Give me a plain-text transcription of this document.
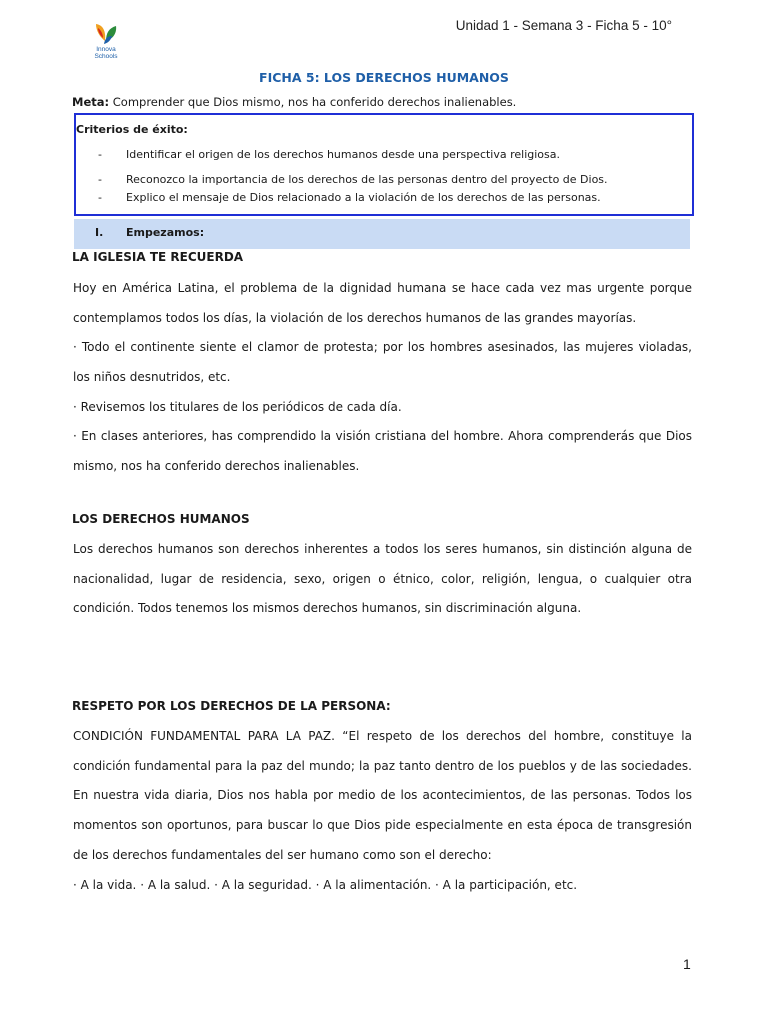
Unidad 1 - Semana 3 - Ficha 5 - 10°
Innova
Schools
FICHA 5: LOS DERECHOS HUMANOS
Meta: Comprender que Dios mismo, nos ha conferido derechos inalienables.
Criterios de éxito:
- Identificar el origen de los derechos humanos desde una perspectiva religiosa.
- Reconozco la importancia de los derechos de las personas dentro del proyecto de Dios.
- Explico el mensaje de Dios relacionado a la violación de los derechos de las personas.
I. Empezamos:
LA IGLESIA TE RECUERDA
Hoy en América Latina, el problema de la dignidad humana se hace cada vez mas urgente porque contemplamos todos los días, la violación de los derechos humanos de las grandes mayorías.
· Todo el continente siente el clamor de protesta; por los hombres asesinados, las mujeres violadas, los niños desnutridos, etc.
· Revisemos los titulares de los periódicos de cada día.
· En clases anteriores, has comprendido la visión cristiana del hombre. Ahora comprenderás que Dios mismo, nos ha conferido derechos inalienables.
LOS DERECHOS HUMANOS
Los derechos humanos son derechos inherentes a todos los seres humanos, sin distinción alguna de nacionalidad, lugar de residencia, sexo, origen o étnico, color, religión, lengua, o cualquier otra condición. Todos tenemos los mismos derechos humanos, sin discriminación alguna.
RESPETO POR LOS DERECHOS DE LA PERSONA:
CONDICIÓN FUNDAMENTAL PARA LA PAZ. “El respeto de los derechos del hombre, constituye la condición fundamental para la paz del mundo; la paz tanto dentro de los pueblos y de las sociedades. En nuestra vida diaria, Dios nos habla por medio de los acontecimientos, de las personas. Todos los momentos son oportunos, para buscar lo que Dios pide especialmente en esta época de transgresión de los derechos fundamentales del ser humano como son el derecho:
· A la vida. · A la salud. · A la seguridad. · A la alimentación. · A la participación, etc.
1
